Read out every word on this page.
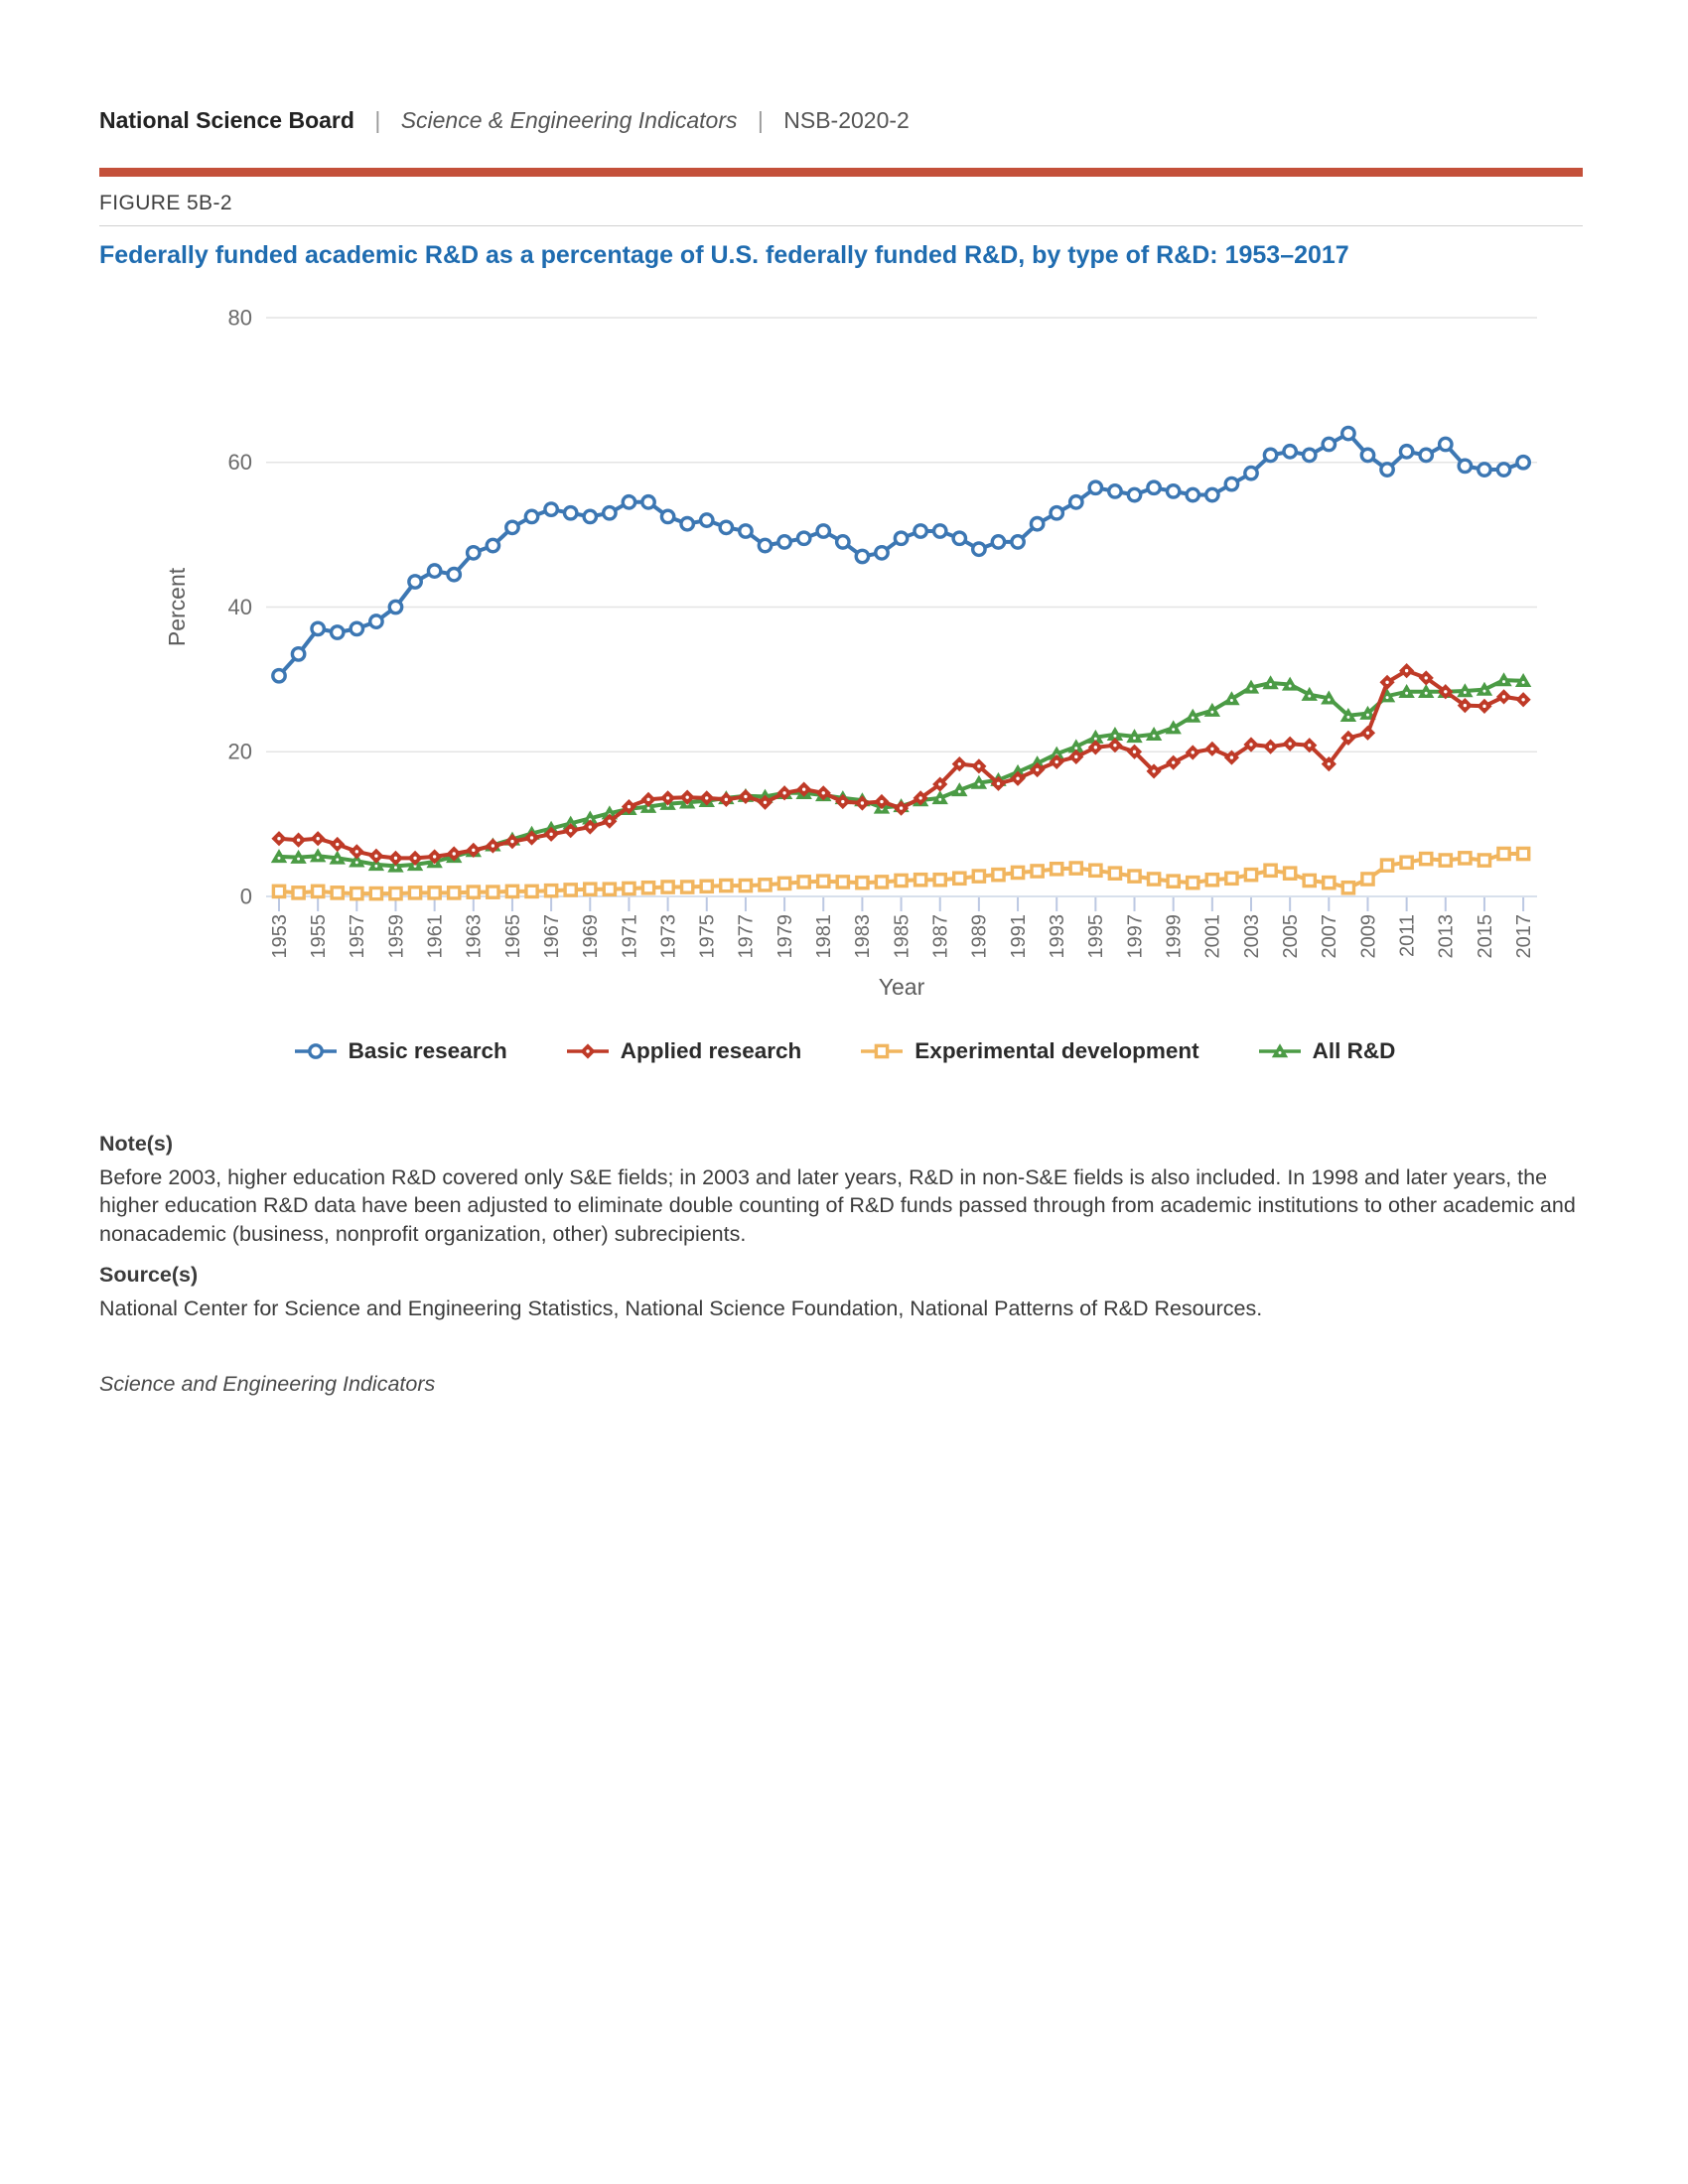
National Science Board | Science & Engineering Indicators | NSB-2020-2
FIGURE 5B-2
Federally funded academic R&D as a percentage of U.S. federally funded R&D, by type of R&D: 1953–2017
0
20
40
60
80
1953 1955 1957 1959 1961 1963 1965 1967 1969 1971 1973 1975 1977 1979 1981 1983 1985 1987 1989 1991 1993 1995 1997 1999 2001 2003 2005 2007 2009 2011 2013 2015 2017
Percent
Year
Basic research	Applied research	Experimental development	All R&D
Note(s)
Before 2003, higher education R&D covered only S&E fields; in 2003 and later years, R&D in non-S&E fields is also included. In 1998 and later years, the higher education R&D data have been adjusted to eliminate double counting of R&D funds passed through from academic institutions to other academic and nonacademic (business, nonprofit organization, other) subrecipients.
Source(s)
National Center for Science and Engineering Statistics, National Science Foundation, National Patterns of R&D Resources.
Science and Engineering Indicators
